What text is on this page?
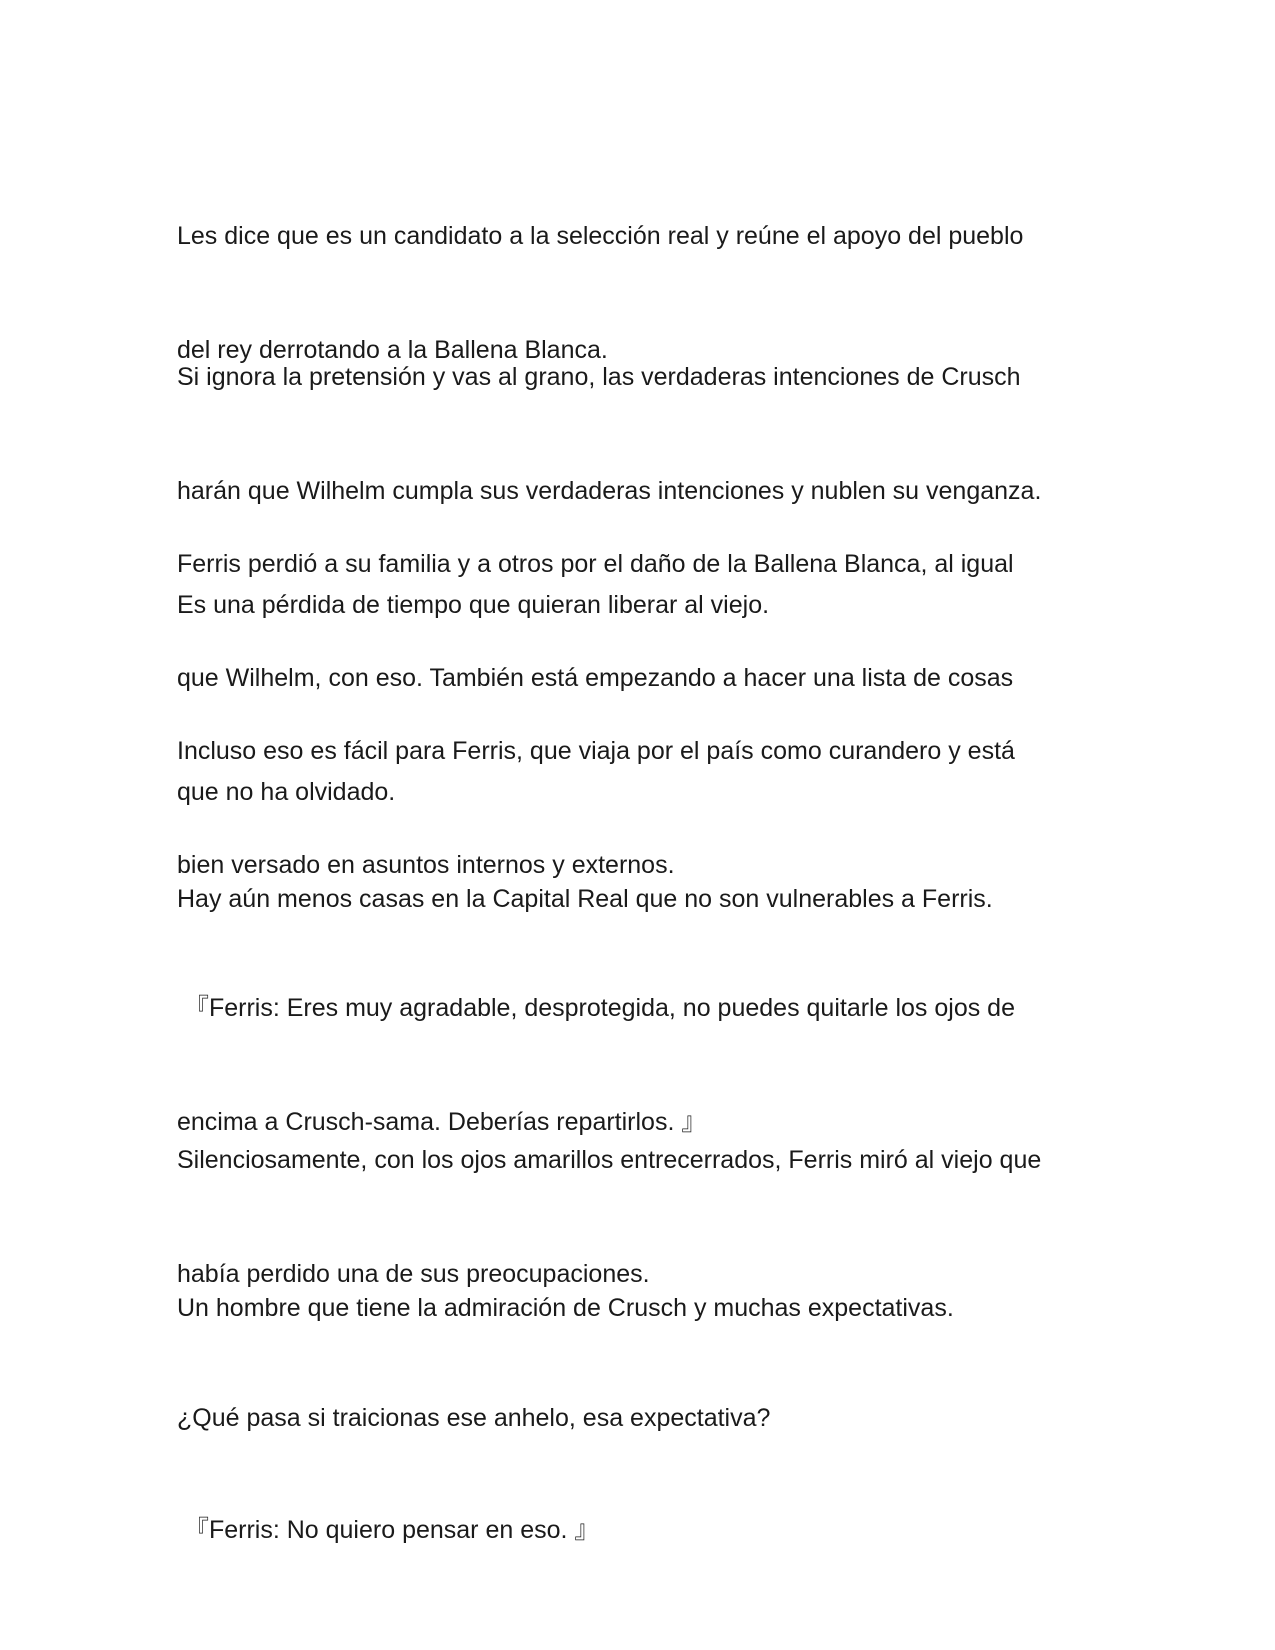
Les dice que es un candidato a la selección real y reúne el apoyo del pueblo

del rey derrotando a la Ballena Blanca.

Si ignora la pretensión y vas al grano, las verdaderas intenciones de Crusch

harán que Wilhelm cumpla sus verdaderas intenciones y nublen su venganza.

Es una pérdida de tiempo que quieran liberar al viejo.

Ferris perdió a su familia y a otros por el daño de la Ballena Blanca, al igual

que Wilhelm, con eso. También está empezando a hacer una lista de cosas

que no ha olvidado.

Incluso eso es fácil para Ferris, que viaja por el país como curandero y está

bien versado en asuntos internos y externos.

Hay aún menos casas en la Capital Real que no son vulnerables a Ferris.

『Ferris: Eres muy agradable, desprotegida, no puedes quitarle los ojos de

encima a Crusch-sama. Deberías repartirlos. 』

Silenciosamente, con los ojos amarillos entrecerrados, Ferris miró al viejo que

había perdido una de sus preocupaciones.

Un hombre que tiene la admiración de Crusch y muchas expectativas.

¿Qué pasa si traicionas ese anhelo, esa expectativa?

『Ferris: No quiero pensar en eso. 』
